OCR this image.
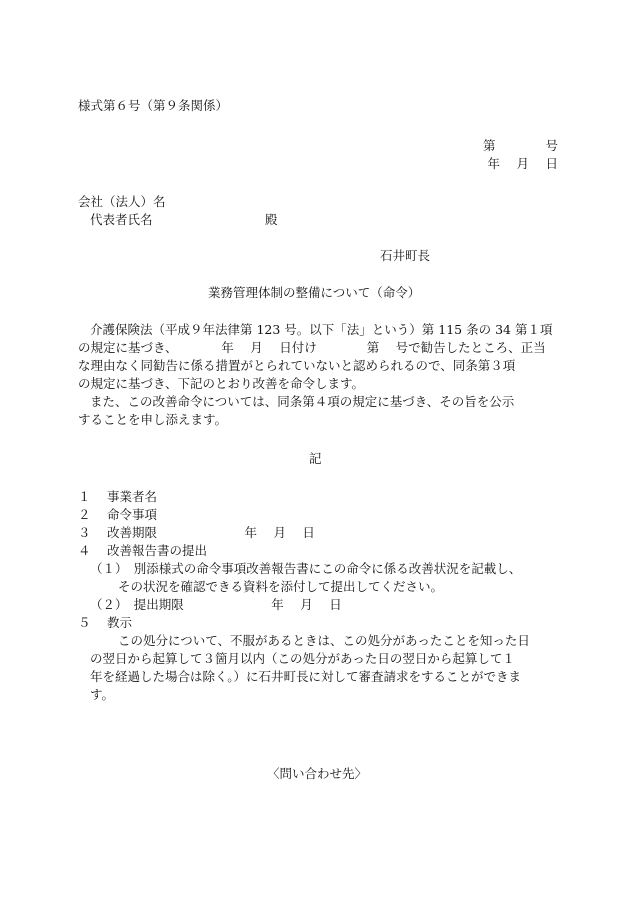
様式第６号（第９条関係）
第　　　　号
年　 月　 日
会社（法人）名
代表者氏名　　　　　　　　　殿
石井町長
業務管理体制の整備について（命令）
介護保険法（平成９年法律第 123 号。以下「法」という）第 115 条の 34 第１項
の規定に基づき、　　　　年　 月　 日付け　　　　第　 号で勧告したところ、正当
な理由なく同勧告に係る措置がとられていないと認められるので、同条第３項
の規定に基づき、下記のとおり改善を命令します。
また、この改善命令については、同条第４項の規定に基づき、その旨を公示
することを申し添えます。
記
１　 事業者名
２　 命令事項
３　 改善期限　　　　　　　年　 月　 日
４　 改善報告書の提出
（１）　別添様式の命令事項改善報告書にこの命令に係る改善状況を記載し、
その状況を確認できる資料を添付して提出してください。
（２）　提出期限　　　　　　　年　 月　 日
５　 教示
この処分について、不服があるときは、この処分があったことを知った日
の翌日から起算して３箇月以内（この処分があった日の翌日から起算して１
年を経過した場合は除く。）に石井町長に対して審査請求をすることができま
す。
〈問い合わせ先〉
